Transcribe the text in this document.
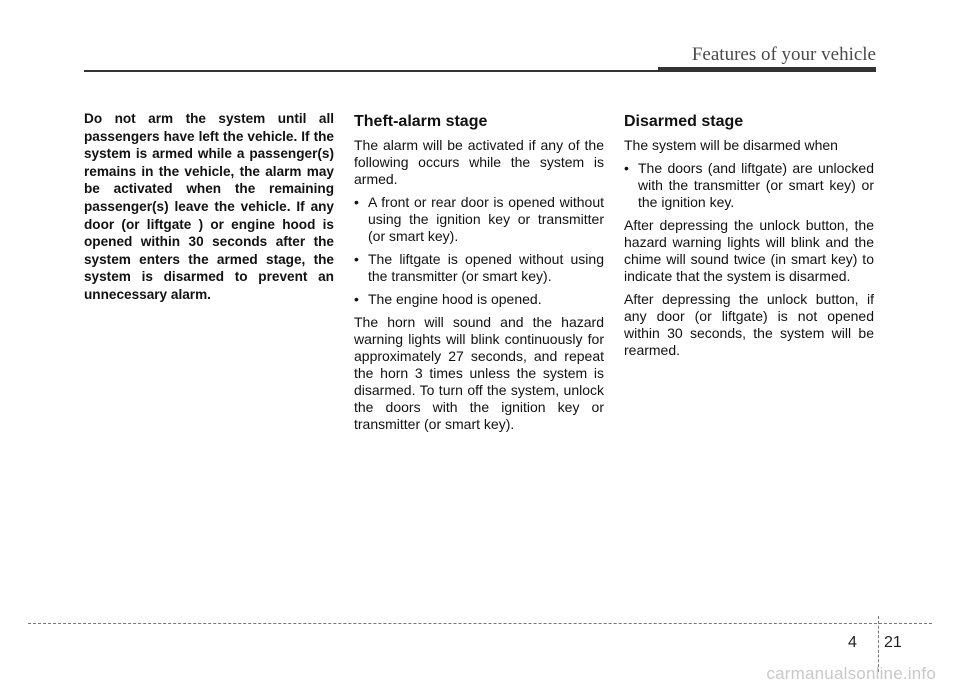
Features of your vehicle

Do not arm the system until all passengers have left the vehicle. If the system is armed while a passenger(s) remains in the vehicle, the alarm may be activated when the remaining passenger(s) leave the vehicle. If any door (or liftgate ) or engine hood is opened within 30 seconds after the system enters the armed stage, the system is disarmed to prevent an unnecessary alarm.

Theft-alarm stage

The alarm will be activated if any of the following occurs while the system is armed.

• A front or rear door is opened without using the ignition key or transmitter (or smart key).
• The liftgate is opened without using the transmitter (or smart key).
• The engine hood is opened.

The horn will sound and the hazard warning lights will blink continuously for approximately 27 seconds, and repeat the horn 3 times unless the system is disarmed. To turn off the system, unlock the doors with the ignition key or transmitter (or smart key).

Disarmed stage

The system will be disarmed when

• The doors (and liftgate) are unlocked with the transmitter (or smart key) or the ignition key.

After depressing the unlock button, the hazard warning lights will blink and the chime will sound twice (in smart key) to indicate that the system is disarmed.

After depressing the unlock button, if any door (or liftgate) is not opened within 30 seconds, the system will be rearmed.

4 21
carmanualsonline.info
